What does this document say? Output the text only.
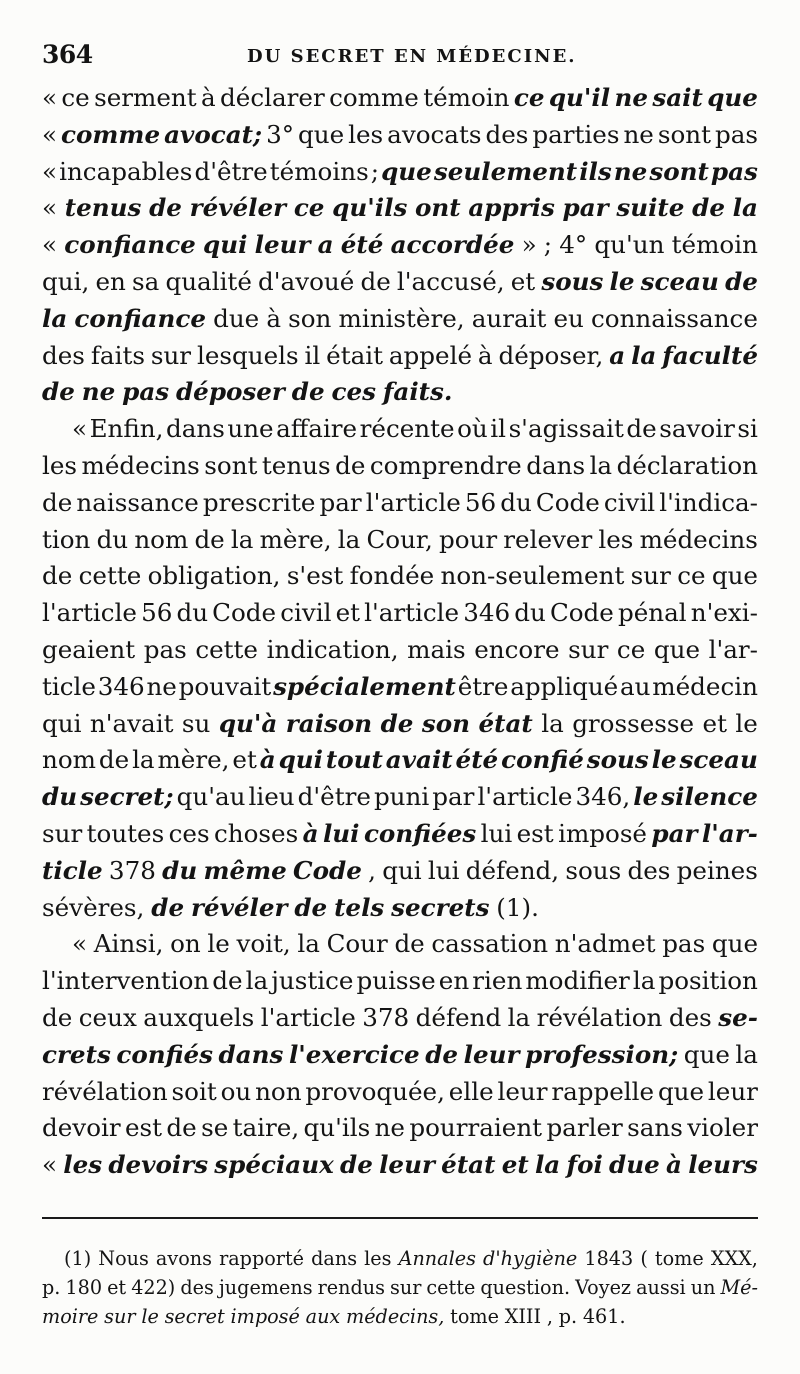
364	DU SECRET EN MÉDECINE.
« ce serment à déclarer comme témoin ce qu'il ne sait que
« comme avocat; 3° que les avocats des parties ne sont pas
« incapables d'être témoins ; que seulement ils ne sont pas
« tenus de révéler ce qu'ils ont appris par suite de la
« confiance qui leur a été accordée » ; 4° qu'un témoin
qui, en sa qualité d'avoué de l'accusé, et sous le sceau de
la confiance due à son ministère, aurait eu connaissance
des faits sur lesquels il était appelé à déposer, a la faculté
de ne pas déposer de ces faits.
« Enfin, dans une affaire récente où il s'agissait de savoir si
les médecins sont tenus de comprendre dans la déclaration
de naissance prescrite par l'article 56 du Code civil l'indica-
tion du nom de la mère, la Cour, pour relever les médecins
de cette obligation, s'est fondée non-seulement sur ce que
l'article 56 du Code civil et l'article 346 du Code pénal n'exi-
geaient pas cette indication, mais encore sur ce que l'ar-
ticle 346 ne pouvait spécialement être appliqué au médecin
qui n'avait su qu'à raison de son état la grossesse et le
nom de la mère, et à qui tout avait été confié sous le sceau
du secret; qu'au lieu d'être puni par l'article 346, le silence
sur toutes ces choses à lui confiées lui est imposé par l'ar-
ticle 378 du même Code , qui lui défend, sous des peines
sévères, de révéler de tels secrets (1).
« Ainsi, on le voit, la Cour de cassation n'admet pas que
l'intervention de la justice puisse en rien modifier la position
de ceux auxquels l'article 378 défend la révélation des se-
crets confiés dans l'exercice de leur profession; que la
révélation soit ou non provoquée, elle leur rappelle que leur
devoir est de se taire, qu'ils ne pourraient parler sans violer
« les devoirs spéciaux de leur état et la foi due à leurs
(1) Nous avons rapporté dans les Annales d'hygiène 1843 ( tome XXX,
p. 180 et 422) des jugemens rendus sur cette question. Voyez aussi un Mé-
moire sur le secret imposé aux médecins, tome XIII , p. 461.
